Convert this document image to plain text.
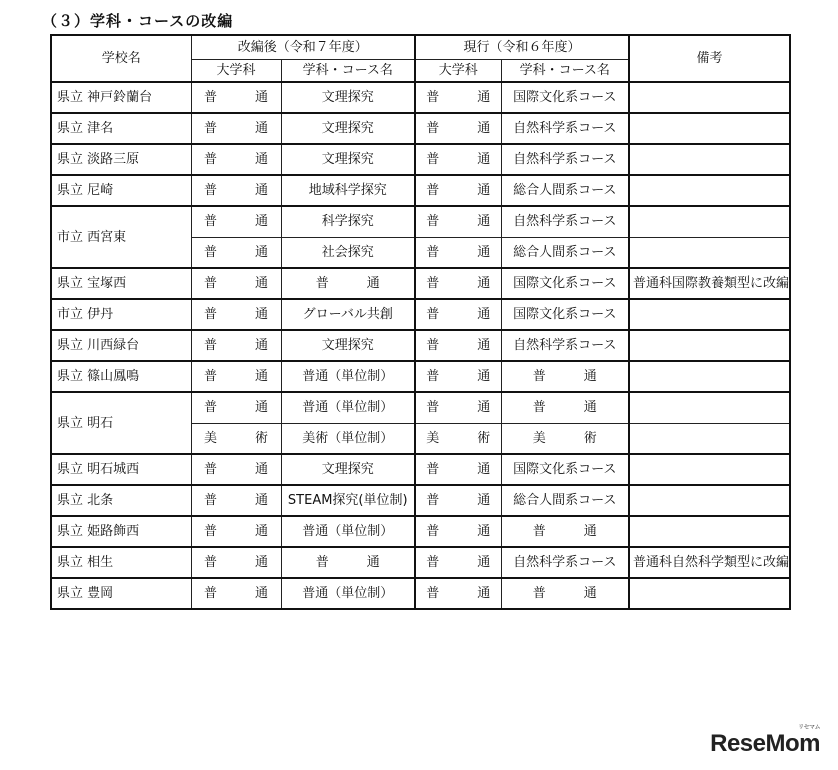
（３）学科・コースの改編
学校名	改編後（令和７年度）		現行（令和６年度）		備考
	大学科	学科・コース名	大学科	学科・コース名	
県立 神戸鈴蘭台	普 通	文理探究	普 通	国際文化系コース	
県立 津名	普 通	文理探究	普 通	自然科学系コース	
県立 淡路三原	普 通	文理探究	普 通	自然科学系コース	
県立 尼崎	普 通	地域科学探究	普 通	総合人間系コース	
市立 西宮東	普 通	科学探究	普 通	自然科学系コース	
	普 通	社会探究	普 通	総合人間系コース	
県立 宝塚西	普 通	普 通	普 通	国際文化系コース	普通科国際教養類型に改編
市立 伊丹	普 通	グローバル共創	普 通	国際文化系コース	
県立 川西緑台	普 通	文理探究	普 通	自然科学系コース	
県立 篠山鳳鳴	普 通	普通（単位制）	普 通	普 通	
県立 明石	普 通	普通（単位制）	普 通	普 通	
	美 術	美術（単位制）	美 術	美 術	
県立 明石城西	普 通	文理探究	普 通	国際文化系コース	
県立 北条	普 通	STEAM探究(単位制)	普 通	総合人間系コース	
県立 姫路飾西	普 通	普通（単位制）	普 通	普 通	
県立 相生	普 通	普 通	普 通	自然科学系コース	普通科自然科学類型に改編
県立 豊岡	普 通	普通（単位制）	普 通	普 通	
ReseMom
リセマム
